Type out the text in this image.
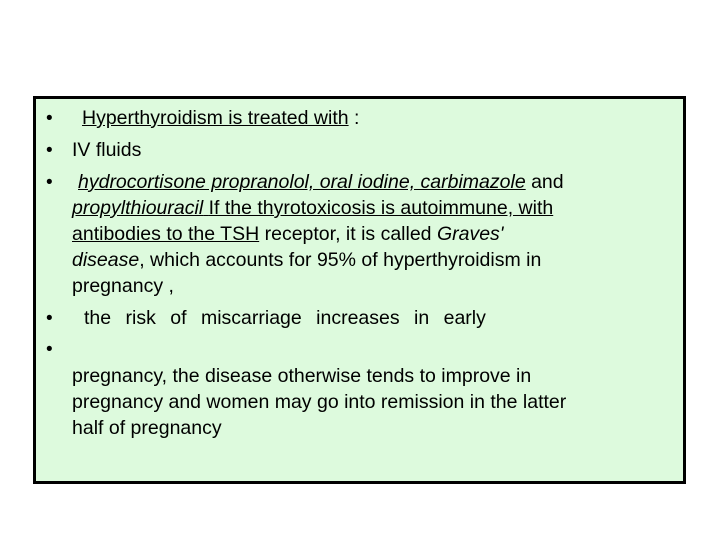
• Hyperthyroidism is treated with :
• IV fluids
• hydrocortisone propranolol, oral iodine, carbimazole and
propylthiouracil If the thyrotoxicosis is autoimmune, with
antibodies to the TSH receptor, it is called Graves'
disease, which accounts for 95% of hyperthyroidism in
pregnancy ,
• the risk of miscarriage increases in early
•
pregnancy, the disease otherwise tends to improve in
pregnancy and women may go into remission in the latter
half of pregnancy
